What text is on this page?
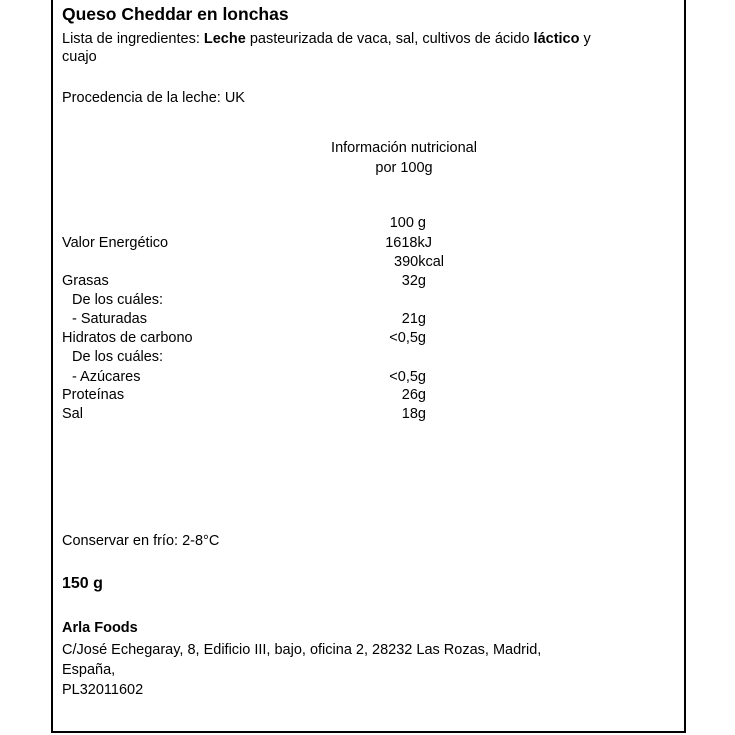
Queso Cheddar en lonchas
Lista de ingredientes: Leche pasteurizada de vaca, sal, cultivos de ácido láctico y
cuajo
Procedencia de la leche: UK
Información nutricional
por 100g
100 g
Valor Energético	1618kJ
390kcal
Grasas	32g
De los cuáles:
- Saturadas	21g
Hidratos de carbono	<0,5g
De los cuáles:
- Azúcares	<0,5g
Proteínas	26g
Sal	18g
Conservar en frío: 2-8°C
150 g
Arla Foods
C/José Echegaray, 8, Edificio III, bajo, oficina 2, 28232 Las Rozas, Madrid,
España,
PL32011602
